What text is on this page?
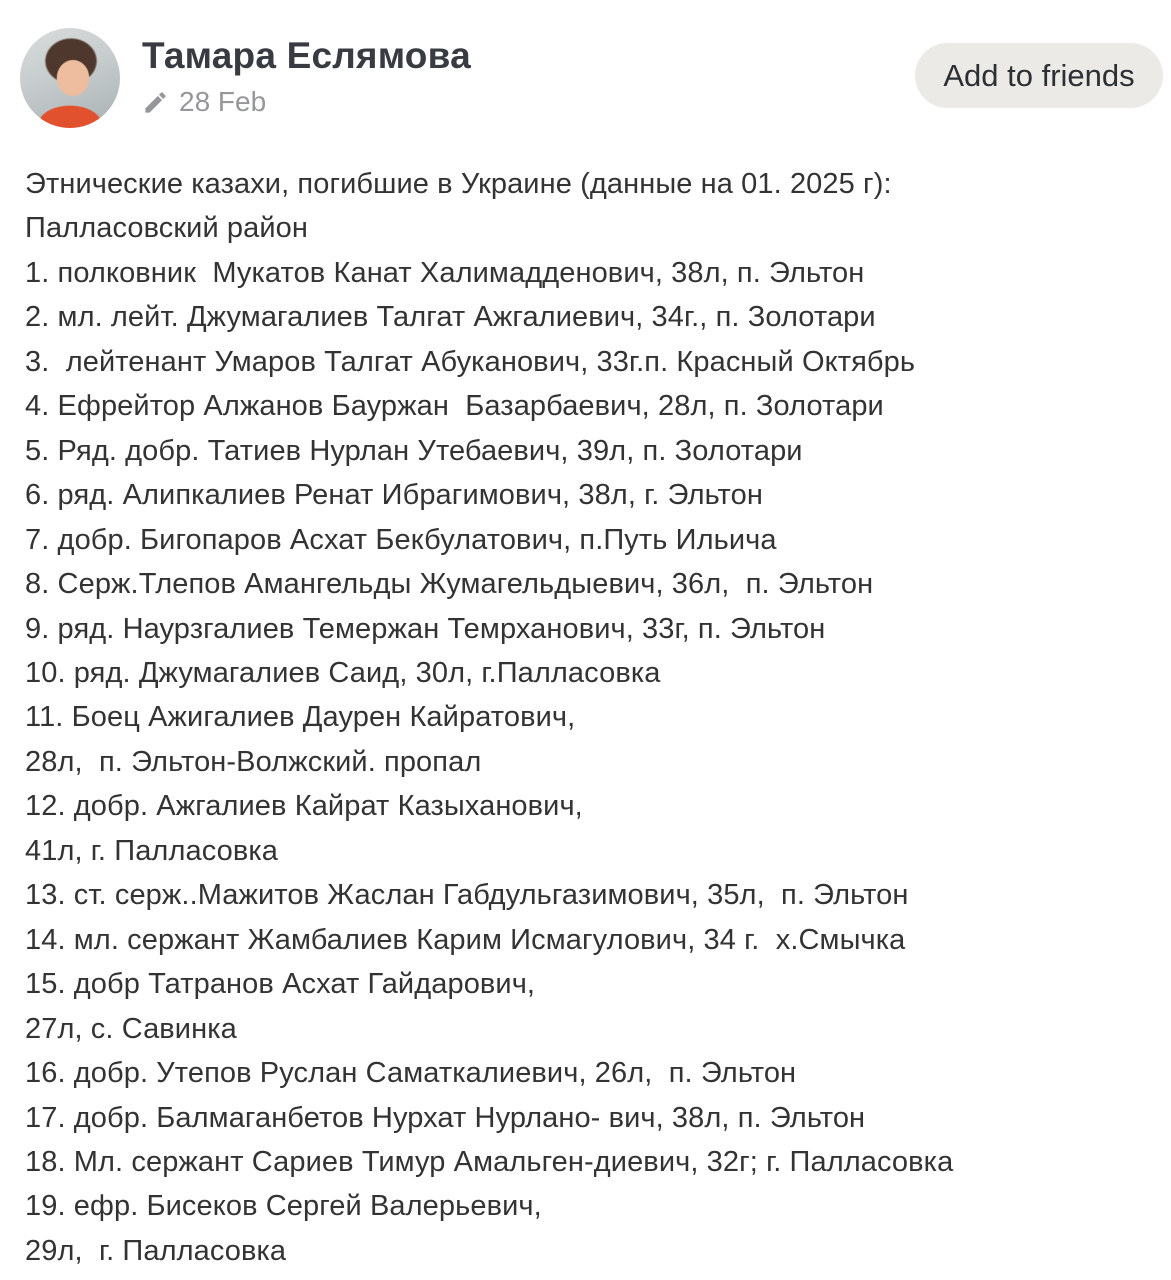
Тамара Еслямова
28 Feb
Add to friends
Этнические казахи, погибшие в Украине (данные на 01. 2025 г):
Палласовский район
1. полковник  Мукатов Канат Халимадденович, 38л, п. Эльтон
2. мл. лейт. Джумагалиев Талгат Ажгалиевич, 34г., п. Золотари
3.  лейтенант Умаров Талгат Абуканович, 33г.п. Красный Октябрь
4. Ефрейтор Алжанов Бауржан  Базарбаевич, 28л, п. Золотари
5. Ряд. добр. Татиев Нурлан Утебаевич, 39л, п. Золотари
6. ряд. Алипкалиев Ренат Ибрагимович, 38л, г. Эльтон
7. добр. Бигопаров Асхат Бекбулатович, п.Путь Ильича
8. Серж.Тлепов Амангельды Жумагельдыевич, 36л,  п. Эльтон
9. ряд. Наурзгалиев Темержан Темрханович, 33г, п. Эльтон
10. ряд. Джумагалиев Саид, 30л, г.Палласовка
11. Боец Ажигалиев Даурен Кайратович,
28л,  п. Эльтон-Волжский. пропал
12. добр. Ажгалиев Кайрат Казыханович,
41л, г. Палласовка
13. ст. серж..Мажитов Жаслан Габдульгазимович, 35л,  п. Эльтон
14. мл. сержант Жамбалиев Карим Исмагулович, 34 г.  х.Смычка
15. добр Татранов Асхат Гайдарович,
27л, с. Савинка
16. добр. Утепов Руслан Саматкалиевич, 26л,  п. Эльтон
17. добр. Балмаганбетов Нурхат Нурлано- вич, 38л, п. Эльтон
18. Мл. сержант Сариев Тимур Амальген-диевич, 32г; г. Палласовка
19. ефр. Бисеков Сергей Валерьевич,
29л,  г. Палласовка
